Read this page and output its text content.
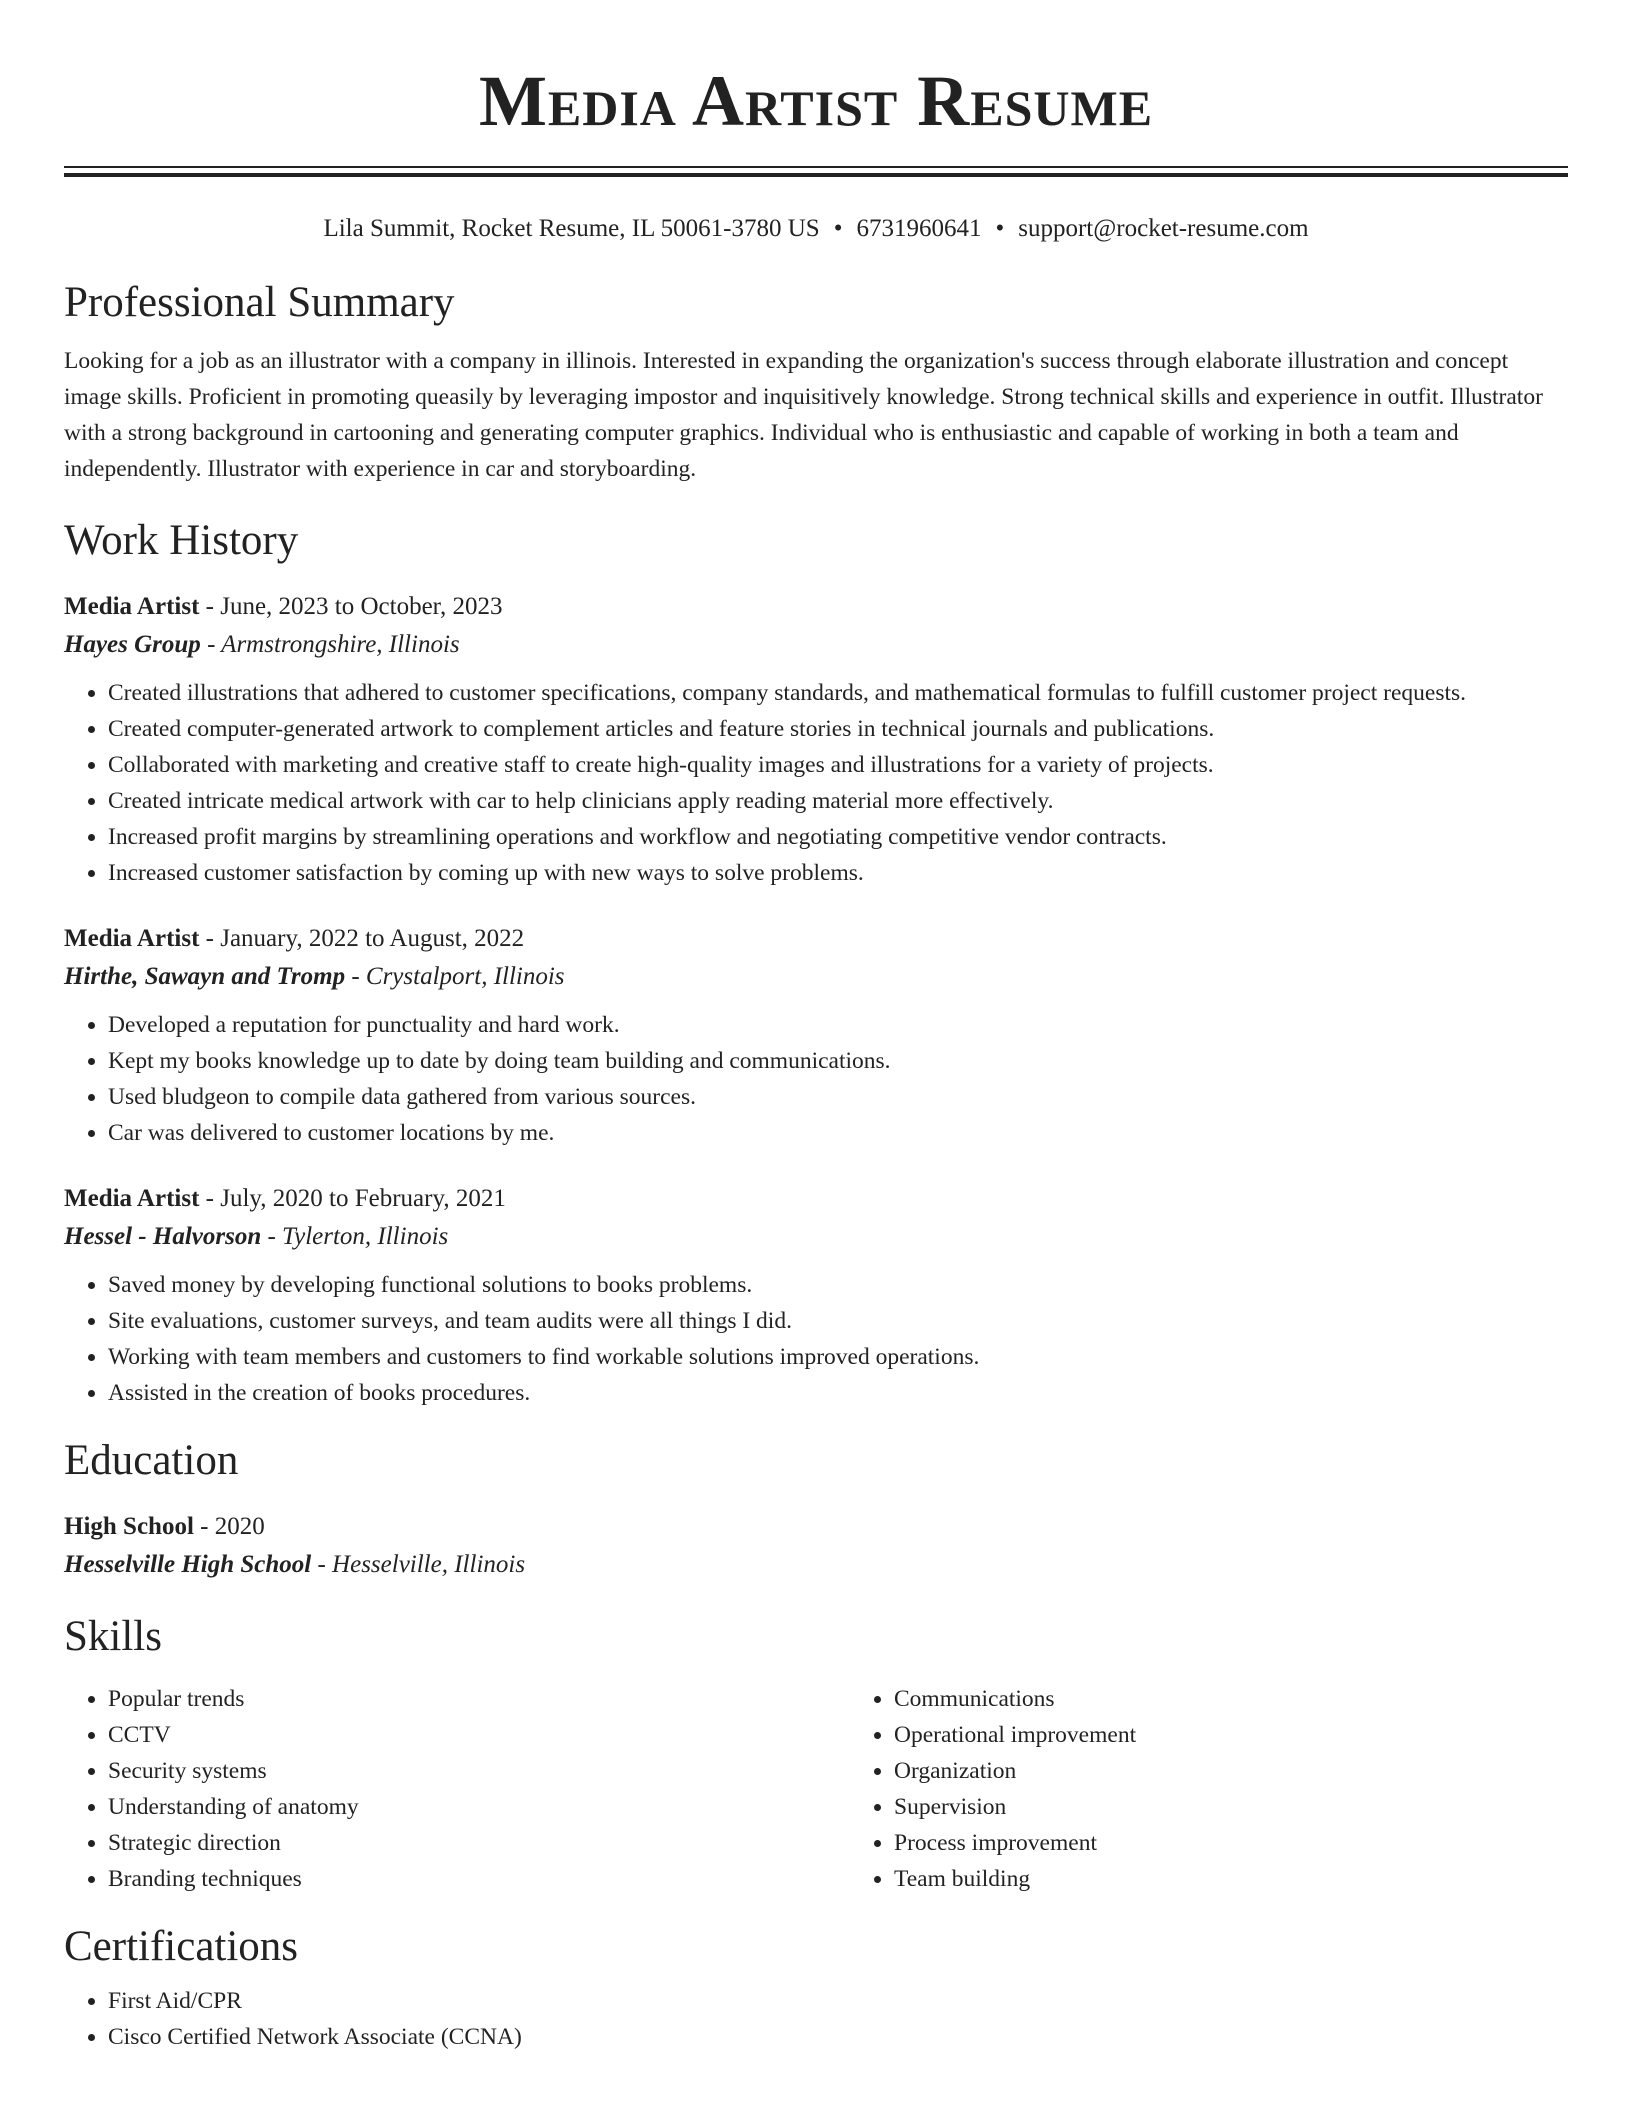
Media Artist Resume
Lila Summit, Rocket Resume, IL 50061-3780 US • 6731960641 • support@rocket-resume.com
Professional Summary

Looking for a job as an illustrator with a company in illinois. Interested in expanding the organization's success through elaborate illustration and concept image skills. Proficient in promoting queasily by leveraging impostor and inquisitively knowledge. Strong technical skills and experience in outfit. Illustrator with a strong background in cartooning and generating computer graphics. Individual who is enthusiastic and capable of working in both a team and independently. Illustrator with experience in car and storyboarding.

Work History
Media Artist - June, 2023 to October, 2023
Hayes Group - Armstrongshire, Illinois
• Created illustrations that adhered to customer specifications, company standards, and mathematical formulas to fulfill customer project requests.
• Created computer-generated artwork to complement articles and feature stories in technical journals and publications.
• Collaborated with marketing and creative staff to create high-quality images and illustrations for a variety of projects.
• Created intricate medical artwork with car to help clinicians apply reading material more effectively.
• Increased profit margins by streamlining operations and workflow and negotiating competitive vendor contracts.
• Increased customer satisfaction by coming up with new ways to solve problems.
Media Artist - January, 2022 to August, 2022
Hirthe, Sawayn and Tromp - Crystalport, Illinois
• Developed a reputation for punctuality and hard work.
• Kept my books knowledge up to date by doing team building and communications.
• Used bludgeon to compile data gathered from various sources.
• Car was delivered to customer locations by me.
Media Artist - July, 2020 to February, 2021
Hessel - Halvorson - Tylerton, Illinois
• Saved money by developing functional solutions to books problems.
• Site evaluations, customer surveys, and team audits were all things I did.
• Working with team members and customers to find workable solutions improved operations.
• Assisted in the creation of books procedures.
Education
High School - 2020
Hesselville High School - Hesselville, Illinois
Skills
• Popular trends
• CCTV
• Security systems
• Understanding of anatomy
• Strategic direction
• Branding techniques
• Communications
• Operational improvement
• Organization
• Supervision
• Process improvement
• Team building
Certifications
• First Aid/CPR
• Cisco Certified Network Associate (CCNA)
